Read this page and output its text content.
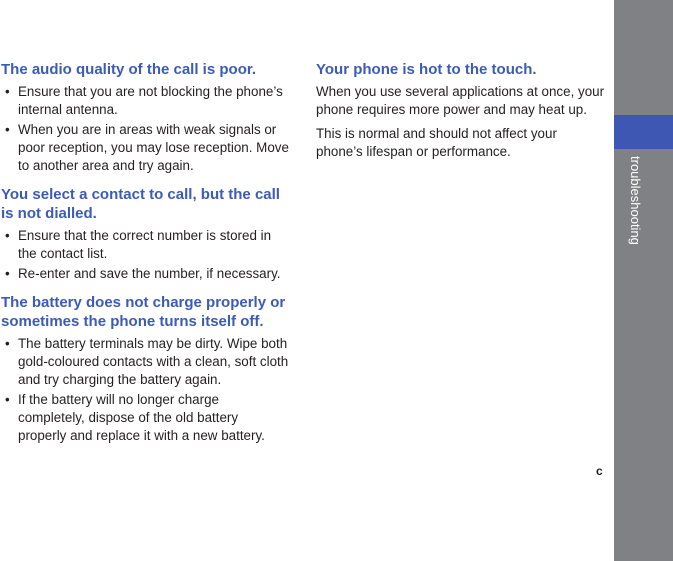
The audio quality of the call is poor.
• Ensure that you are not blocking the phone’s internal antenna.
• When you are in areas with weak signals or poor reception, you may lose reception. Move to another area and try again.
You select a contact to call, but the call is not dialled.
• Ensure that the correct number is stored in the contact list.
• Re-enter and save the number, if necessary.
The battery does not charge properly or sometimes the phone turns itself off.
• The battery terminals may be dirty. Wipe both gold-coloured contacts with a clean, soft cloth and try charging the battery again.
• If the battery will no longer charge completely, dispose of the old battery properly and replace it with a new battery.
Your phone is hot to the touch.

When you use several applications at once, your phone requires more power and may heat up.

This is normal and should not affect your phone’s lifespan or performance.

troubleshooting
c
